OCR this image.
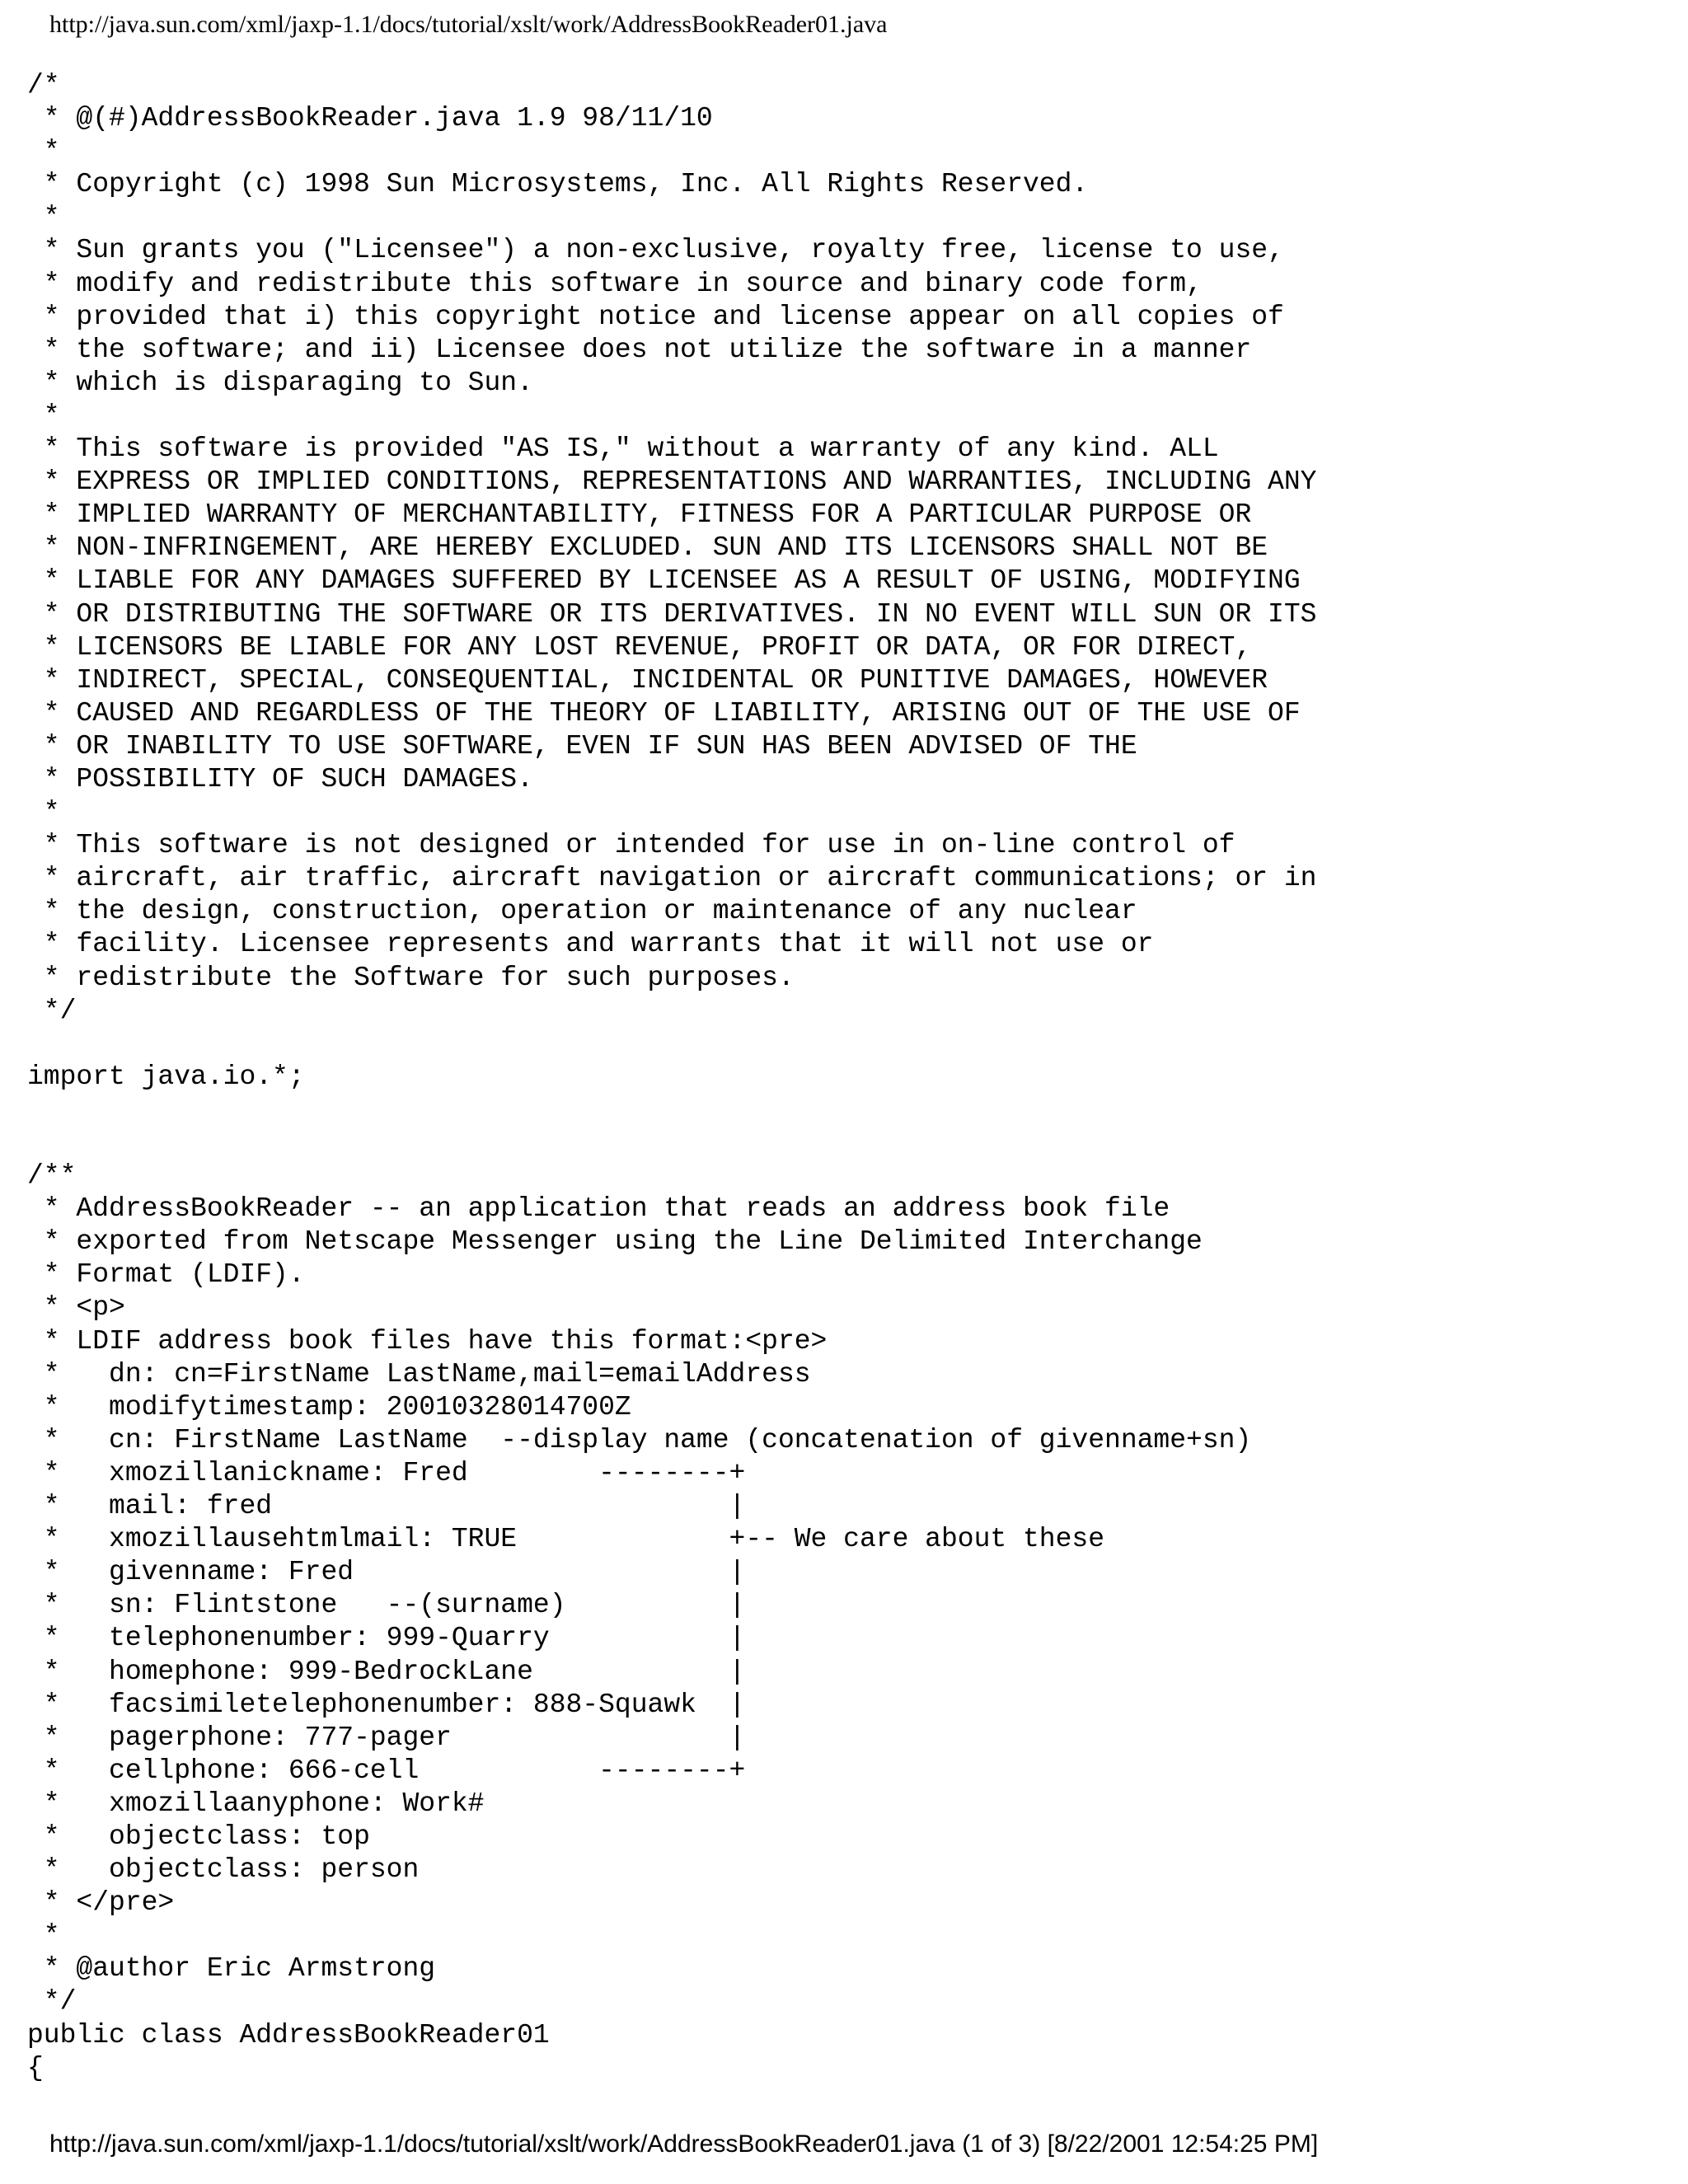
http://java.sun.com/xml/jaxp-1.1/docs/tutorial/xslt/work/AddressBookReader01.java
/*
* @(#)AddressBookReader.java 1.9 98/11/10
*
* Copyright (c) 1998 Sun Microsystems, Inc. All Rights Reserved.
*
* Sun grants you ("Licensee") a non-exclusive, royalty free, license to use,
* modify and redistribute this software in source and binary code form,
* provided that i) this copyright notice and license appear on all copies of
* the software; and ii) Licensee does not utilize the software in a manner
* which is disparaging to Sun.
*
* This software is provided "AS IS," without a warranty of any kind. ALL
* EXPRESS OR IMPLIED CONDITIONS, REPRESENTATIONS AND WARRANTIES, INCLUDING ANY
* IMPLIED WARRANTY OF MERCHANTABILITY, FITNESS FOR A PARTICULAR PURPOSE OR
* NON-INFRINGEMENT, ARE HEREBY EXCLUDED. SUN AND ITS LICENSORS SHALL NOT BE
* LIABLE FOR ANY DAMAGES SUFFERED BY LICENSEE AS A RESULT OF USING, MODIFYING
* OR DISTRIBUTING THE SOFTWARE OR ITS DERIVATIVES. IN NO EVENT WILL SUN OR ITS
* LICENSORS BE LIABLE FOR ANY LOST REVENUE, PROFIT OR DATA, OR FOR DIRECT,
* INDIRECT, SPECIAL, CONSEQUENTIAL, INCIDENTAL OR PUNITIVE DAMAGES, HOWEVER
* CAUSED AND REGARDLESS OF THE THEORY OF LIABILITY, ARISING OUT OF THE USE OF
* OR INABILITY TO USE SOFTWARE, EVEN IF SUN HAS BEEN ADVISED OF THE
* POSSIBILITY OF SUCH DAMAGES.
*
* This software is not designed or intended for use in on-line control of
* aircraft, air traffic, aircraft navigation or aircraft communications; or in
* the design, construction, operation or maintenance of any nuclear
* facility. Licensee represents and warrants that it will not use or
* redistribute the Software for such purposes.
*/
import java.io.*;
/**
* AddressBookReader -- an application that reads an address book file
* exported from Netscape Messenger using the Line Delimited Interchange
* Format (LDIF).
* <p>
* LDIF address book files have this format:<pre>
*   dn: cn=FirstName LastName,mail=emailAddress
*   modifytimestamp: 20010328014700Z
*   cn: FirstName LastName  --display name (concatenation of givenname+sn)
*   xmozillanickname: Fred        --------+
*   mail: fred                            |
*   xmozillausehtmlmail: TRUE             +-- We care about these
*   givenname: Fred                       |
*   sn: Flintstone   --(surname)          |
*   telephonenumber: 999-Quarry           |
*   homephone: 999-BedrockLane            |
*   facsimiletelephonenumber: 888-Squawk  |
*   pagerphone: 777-pager                 |
*   cellphone: 666-cell           --------+
*   xmozillaanyphone: Work#
*   objectclass: top
*   objectclass: person
* </pre>
*
* @author Eric Armstrong
*/
public class AddressBookReader01
{
http://java.sun.com/xml/jaxp-1.1/docs/tutorial/xslt/work/AddressBookReader01.java (1 of 3) [8/22/2001 12:54:25 PM]
